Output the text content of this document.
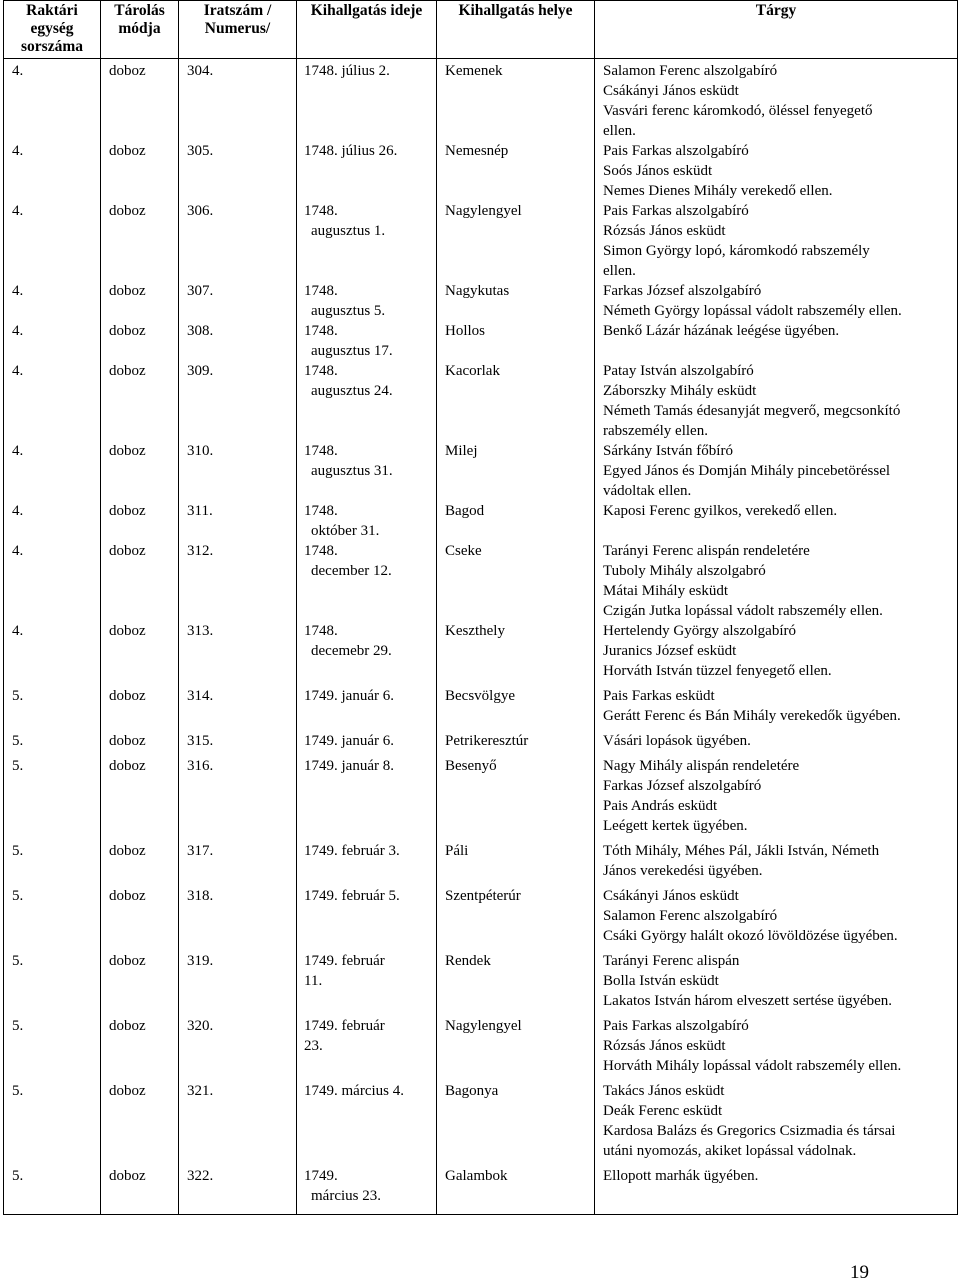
Raktári egység sorszáma	Tárolás módja	Iratszám / Numerus/	Kihallgatás ideje	Kihallgatás helye	Tárgy
4.	doboz	304.	1748. július 2.	Kemenek	Salamon Ferenc alszolgabíró
Csákányi János esküdt
Vasvári ferenc káromkodó, öléssel fenyegető
ellen.

4.	doboz	305.	1748. július 26.	Nemesnép	Pais Farkas alszolgabíró
Soós János esküdt
Nemes Dienes Mihály verekedő ellen.

4.	doboz	306.	1748.
augusztus 1.	Nagylengyel	Pais Farkas alszolgabíró
Rózsás János esküdt
Simon György lopó, káromkodó rabszemély
ellen.

4.	doboz	307.	1748.
augusztus 5.	Nagykutas	Farkas József alszolgabíró
Németh György lopással vádolt rabszemély ellen.

4.	doboz	308.	1748.
augusztus 17.	Hollos	Benkő Lázár házának leégése ügyében.

4.	doboz	309.	1748.
augusztus 24.	Kacorlak	Patay István alszolgabíró
Záborszky Mihály esküdt
Németh Tamás édesanyját megverő, megcsonkító
rabszemély ellen.

4.	doboz	310.	1748.
augusztus 31.	Milej	Sárkány István főbíró
Egyed János és Domján Mihály pincebetöréssel
vádoltak ellen.

4.	doboz	311.	1748.
október 31.	Bagod	Kaposi Ferenc gyilkos, verekedő ellen.

4.	doboz	312.	1748.
december 12.	Cseke	Tarányi Ferenc alispán rendeletére
Tuboly Mihály alszolgabró
Mátai Mihály esküdt
Czigán Jutka lopással vádolt rabszemély ellen.

4.	doboz	313.	1748.
decemebr 29.	Keszthely	Hertelendy György alszolgabíró
Juranics József esküdt
Horváth István tüzzel fenyegető ellen.

5.	doboz	314.	1749. január 6.	Becsvölgye	Pais Farkas esküdt
Gerátt Ferenc és Bán Mihály verekedők ügyében.

5.	doboz	315.	1749. január 6.	Petrikeresztúr	Vásári lopások ügyében.

5.	doboz	316.	1749. január 8.	Besenyő	Nagy Mihály alispán rendeletére
Farkas József alszolgabíró
Pais András esküdt
Leégett kertek ügyében.

5.	doboz	317.	1749. február 3.	Páli	Tóth Mihály, Méhes Pál, Jákli István, Németh
János verekedési ügyében.

5.	doboz	318.	1749. február 5.	Szentpéterúr	Csákányi János esküdt
Salamon Ferenc alszolgabíró
Csáki György halált okozó lövöldözése ügyében.

5.	doboz	319.	1749. február
11.	Rendek	Tarányi Ferenc alispán
Bolla István esküdt
Lakatos István három elveszett sertése ügyében.

5.	doboz	320.	1749. február
23.	Nagylengyel	Pais Farkas alszolgabíró
Rózsás János esküdt
Horváth Mihály lopással vádolt rabszemély ellen.

5.	doboz	321.	1749. március 4.	Bagonya	Takács János esküdt
Deák Ferenc esküdt
Kardosa Balázs és Gregorics Csizmadia és társai
utáni nyomozás, akiket lopással vádolnak.

5.	doboz	322.	1749.
március 23.	Galambok	Ellopott marhák ügyében.
19
